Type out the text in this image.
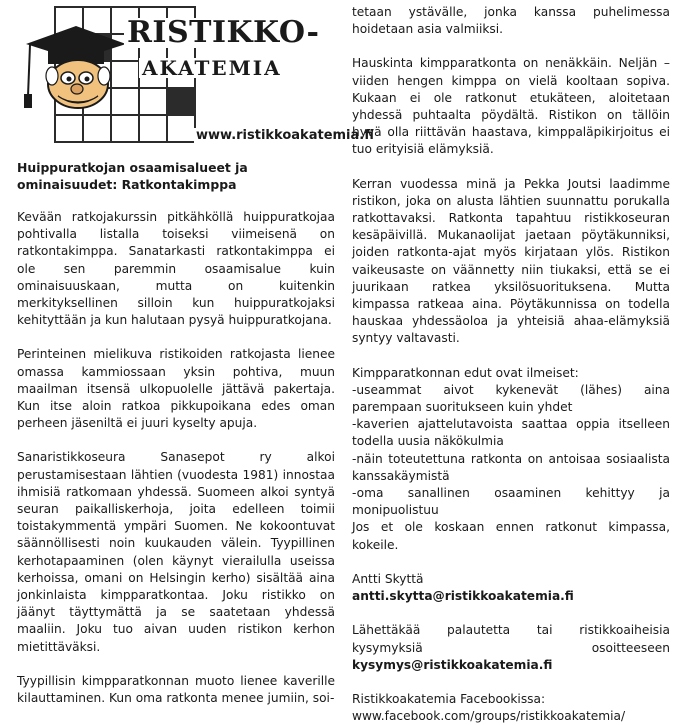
RISTIKKO-
AKATEMIA
www.ristikkoakatemia.fi
Huippuratkojan osaamisalueet ja ominaisuudet: Ratkontakimppa

Kevään ratkojakurssin pitkähköllä huippuratkojaa pohtivalla listalla toiseksi viimeisenä on ratkontakimppa. Sanatarkasti ratkontakimppa ei ole sen paremmin osaamisalue kuin ominaisuuskaan, mutta on kuitenkin merkityksellinen silloin kun huippuratkojaksi kehityttään ja kun halutaan pysyä huippuratkojana.

Perinteinen mielikuva ristikoiden ratkojasta lienee omassa kammiossaan yksin pohtiva, muun maailman itsensä ulkopuolelle jättävä pakertaja. Kun itse aloin ratkoa pikkupoikana edes oman perheen jäseniltä ei juuri kyselty apuja.

Sanaristikkoseura Sanasepot ry alkoi perustamisestaan lähtien (vuodesta 1981) innostaa ihmisiä ratkomaan yhdessä. Suomeen alkoi syntyä seuran paikalliskerhoja, joita edelleen toimii toistakymmentä ympäri Suomen. Ne kokoontuvat säännöllisesti noin kuukauden välein. Tyypillinen kerhotapaaminen (olen käynyt vierailulla useissa kerhoissa, omani on Helsingin kerho) sisältää aina jonkinlaista kimpparatkontaa. Joku ristikko on jäänyt täyttymättä ja se saatetaan yhdessä maaliin. Joku tuo aivan uuden ristikon kerhon mietittäväksi.

Tyypillisin kimpparatkonnan muoto lienee kaverille kilauttaminen. Kun oma ratkonta menee jumiin, soi-

tetaan ystävälle, jonka kanssa puhelimessa hoidetaan asia valmiiksi.

Hauskinta kimpparatkonta on nenäkkäin. Neljän – viiden hengen kimppa on vielä kooltaan sopiva. Kukaan ei ole ratkonut etukäteen, aloitetaan yhdessä puhtaalta pöydältä. Ristikon on tällöin hyvä olla riittävän haastava, kimppaläpikirjoitus ei tuo erityisiä elämyksiä.

Kerran vuodessa minä ja Pekka Joutsi laadimme ristikon, joka on alusta lähtien suunnattu porukalla ratkottavaksi. Ratkonta tapahtuu ristikkoseuran kesäpäivillä. Mukanaolijat jaetaan pöytäkunniksi, joiden ratkonta-ajat myös kirjataan ylös. Ristikon vaikeusaste on väännetty niin tiukaksi, että se ei juurikaan ratkea yksilösuorituksena. Mutta kimpassa ratkeaa aina. Pöytäkunnissa on todella hauskaa yhdessäoloa ja yhteisiä ahaa-elämyksiä syntyy valtavasti.

Kimpparatkonnan edut ovat ilmeiset:
-useammat aivot kykenevät (lähes) aina parempaan suoritukseen kuin yhdet
-kaverien ajattelutavoista saattaa oppia itselleen todella uusia näkökulmia
-näin toteutettuna ratkonta on antoisaa sosiaalista kanssakäymistä
-oma sanallinen osaaminen kehittyy ja monipuolistuu
Jos et ole koskaan ennen ratkonut kimpassa, kokeile.

Antti Skyttä
antti.skytta@ristikkoakatemia.fi

Lähettäkää palautetta tai ristikkoaiheisia kysymyksiä osoitteeseen kysymys@ristikkoakatemia.fi

Ristikkoakatemia Facebookissa:
www.facebook.com/groups/ristikkoakatemia/
